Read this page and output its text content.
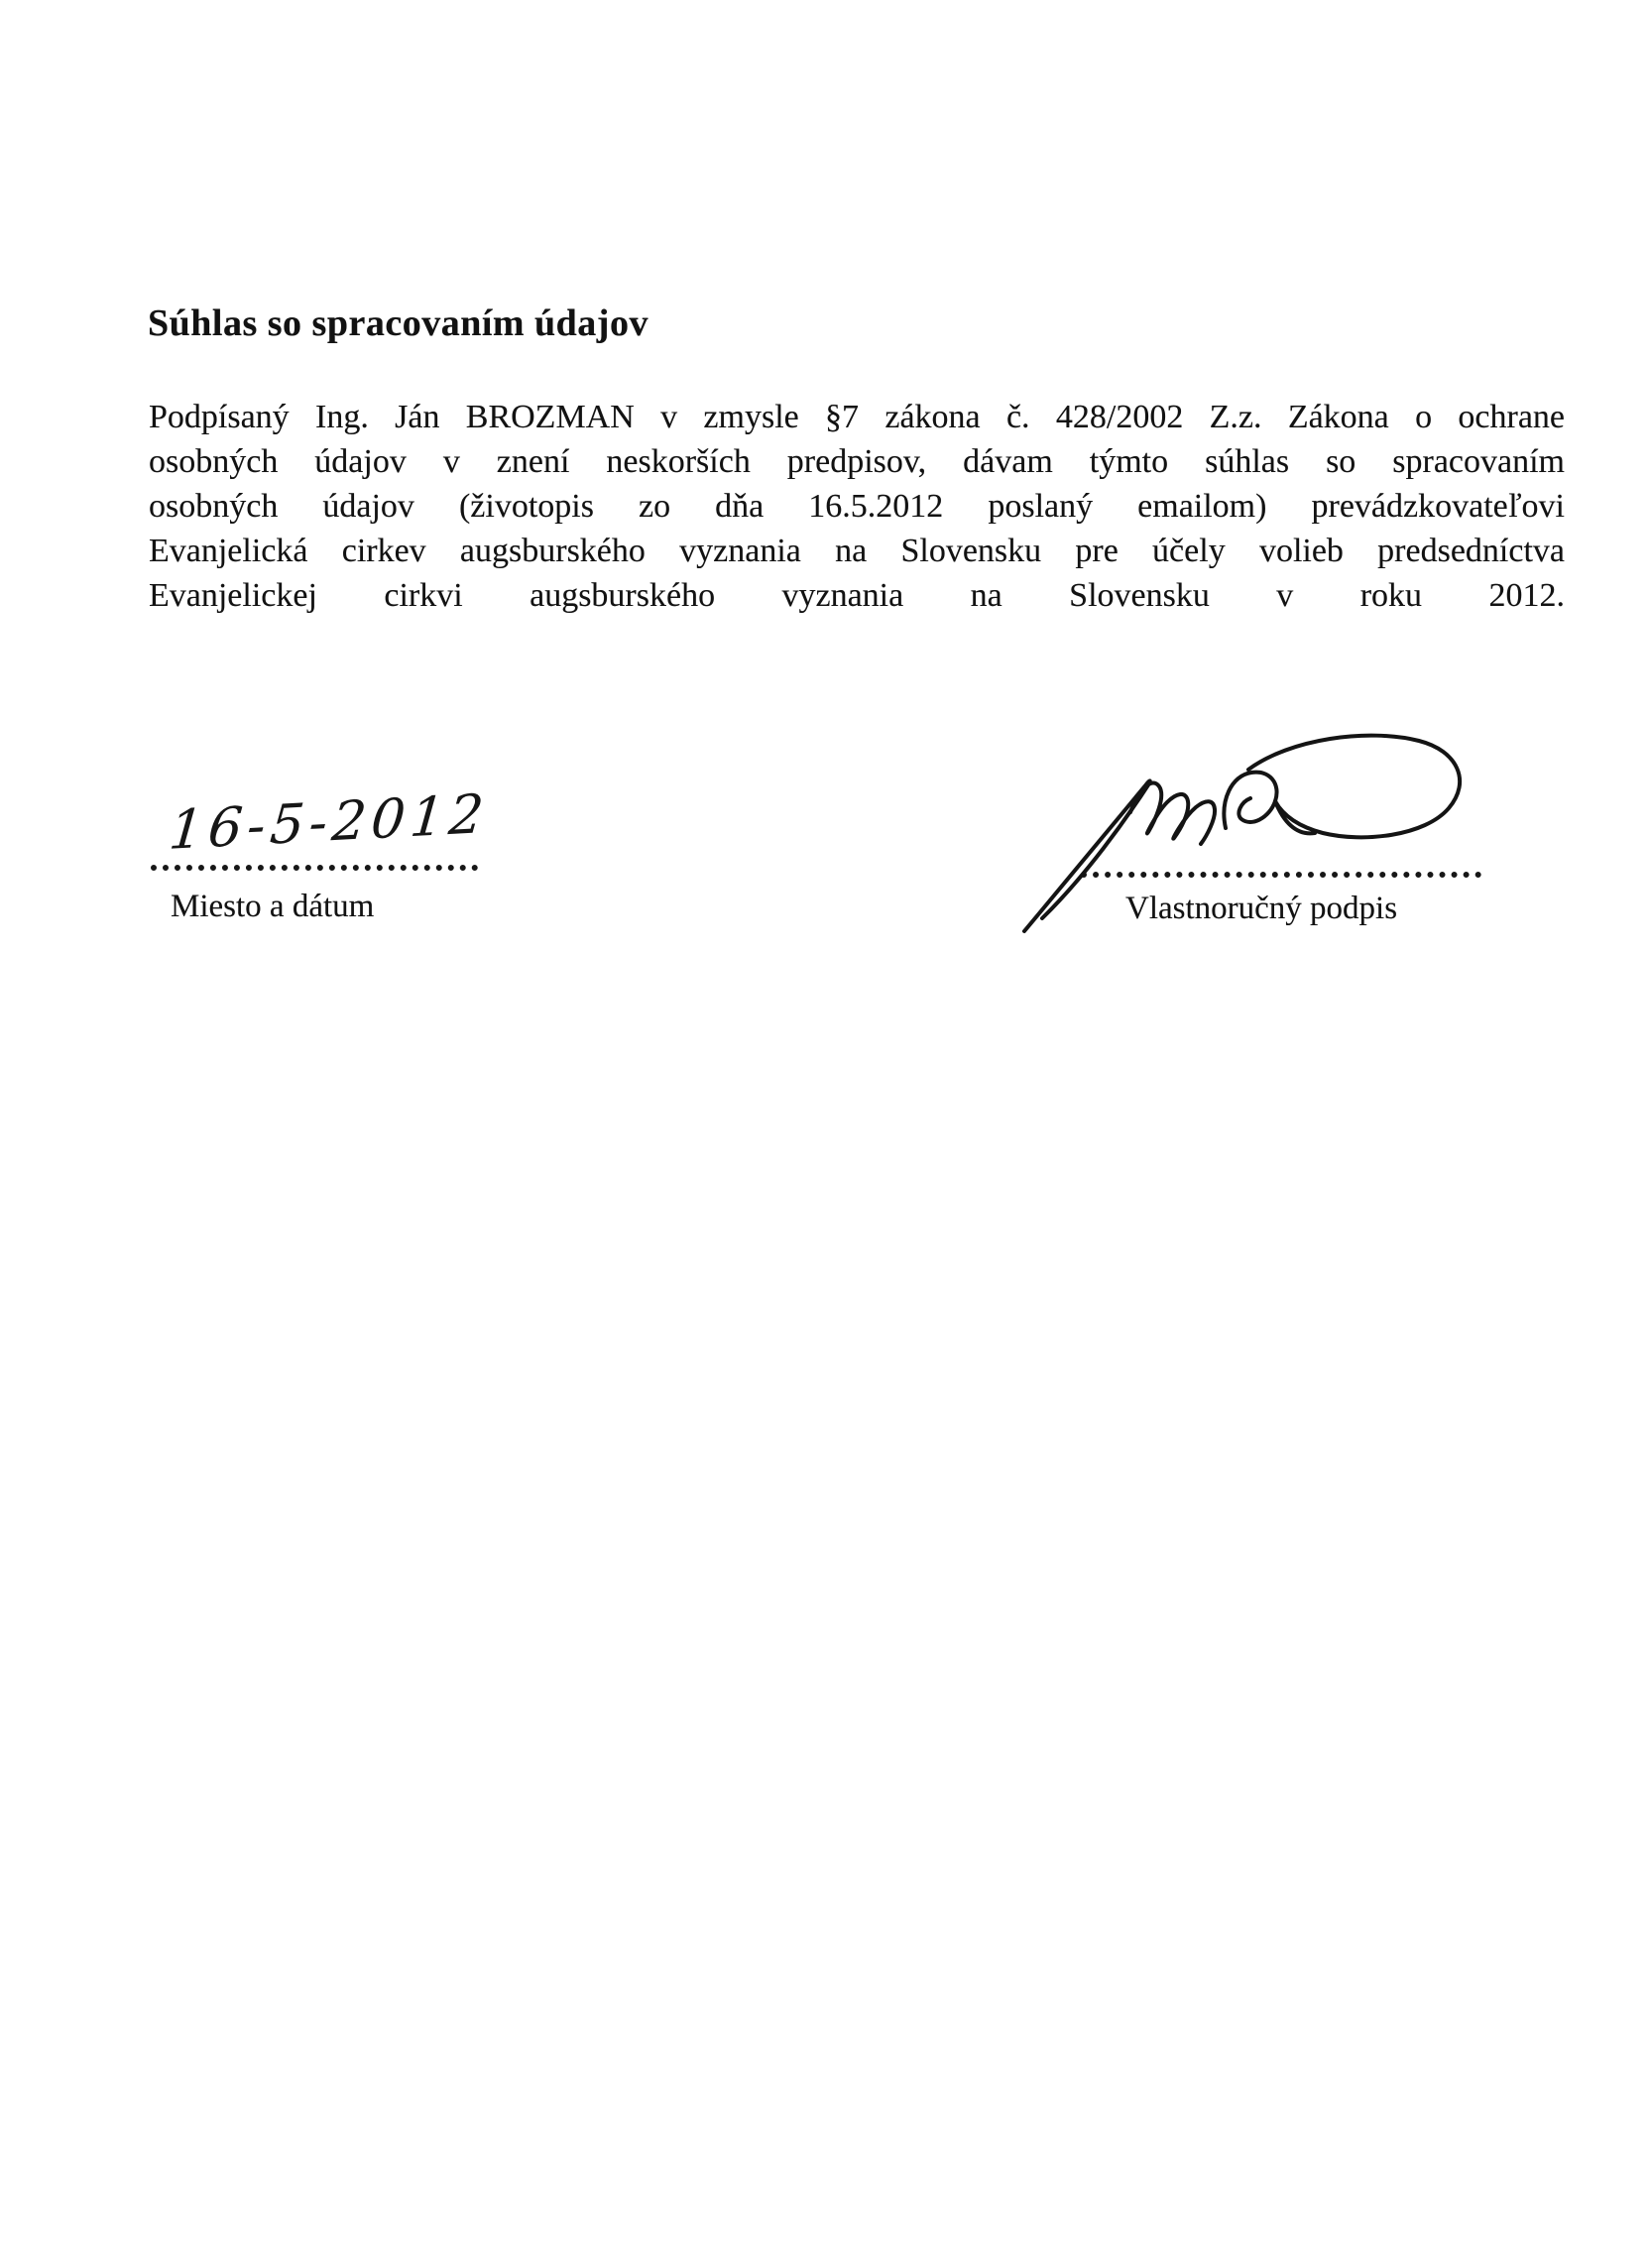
Súhlas so spracovaním údajov
Podpísaný Ing. Ján BROZMAN v zmysle §7 zákona č. 428/2002 Z.z. Zákona o ochrane
osobných údajov v znení neskorších predpisov, dávam týmto súhlas so spracovaním
osobných údajov (životopis zo dňa 16.5.2012 poslaný emailom) prevádzkovateľovi
Evanjelická cirkev augsburského vyznania na Slovensku pre účely volieb predsedníctva
Evanjelickej cirkvi augsburského vyznania na Slovensku v roku 2012.
16-5-2012
Miesto a dátum	Vlastnoručný podpis
